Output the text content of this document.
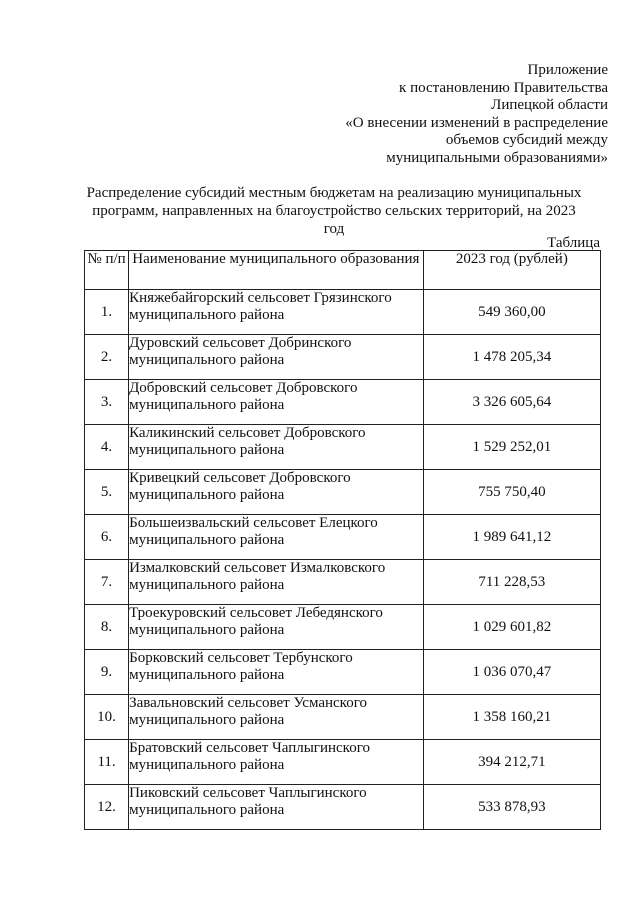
Приложение
к постановлению Правительства
Липецкой области
«О внесении изменений в распределение
объемов субсидий между
муниципальными образованиями»
Распределение субсидий местным бюджетам на реализацию муниципальных программ, направленных на благоустройство сельских территорий, на 2023 год
Таблица
№ п/п	Наименование муниципального образования	2023 год (рублей)
1.	Княжебайгорский сельсовет Грязинского муниципального района	549 360,00
2.	Дуровский сельсовет Добринского муниципального района	1 478 205,34
3.	Добровский сельсовет Добровского муниципального района	3 326 605,64
4.	Каликинский сельсовет Добровского муниципального района	1 529 252,01
5.	Кривецкий сельсовет Добровского муниципального района	755 750,40
6.	Большеизвальский сельсовет Елецкого муниципального района	1 989 641,12
7.	Измалковский сельсовет Измалковского муниципального района	711 228,53
8.	Троекуровский сельсовет Лебедянского муниципального района	1 029 601,82
9.	Борковский сельсовет Тербунского муниципального района	1 036 070,47
10.	Завальновский сельсовет Усманского муниципального района	1 358 160,21
11.	Братовский сельсовет Чаплыгинского муниципального района	394 212,71
12.	Пиковский сельсовет Чаплыгинского муниципального района	533 878,93
